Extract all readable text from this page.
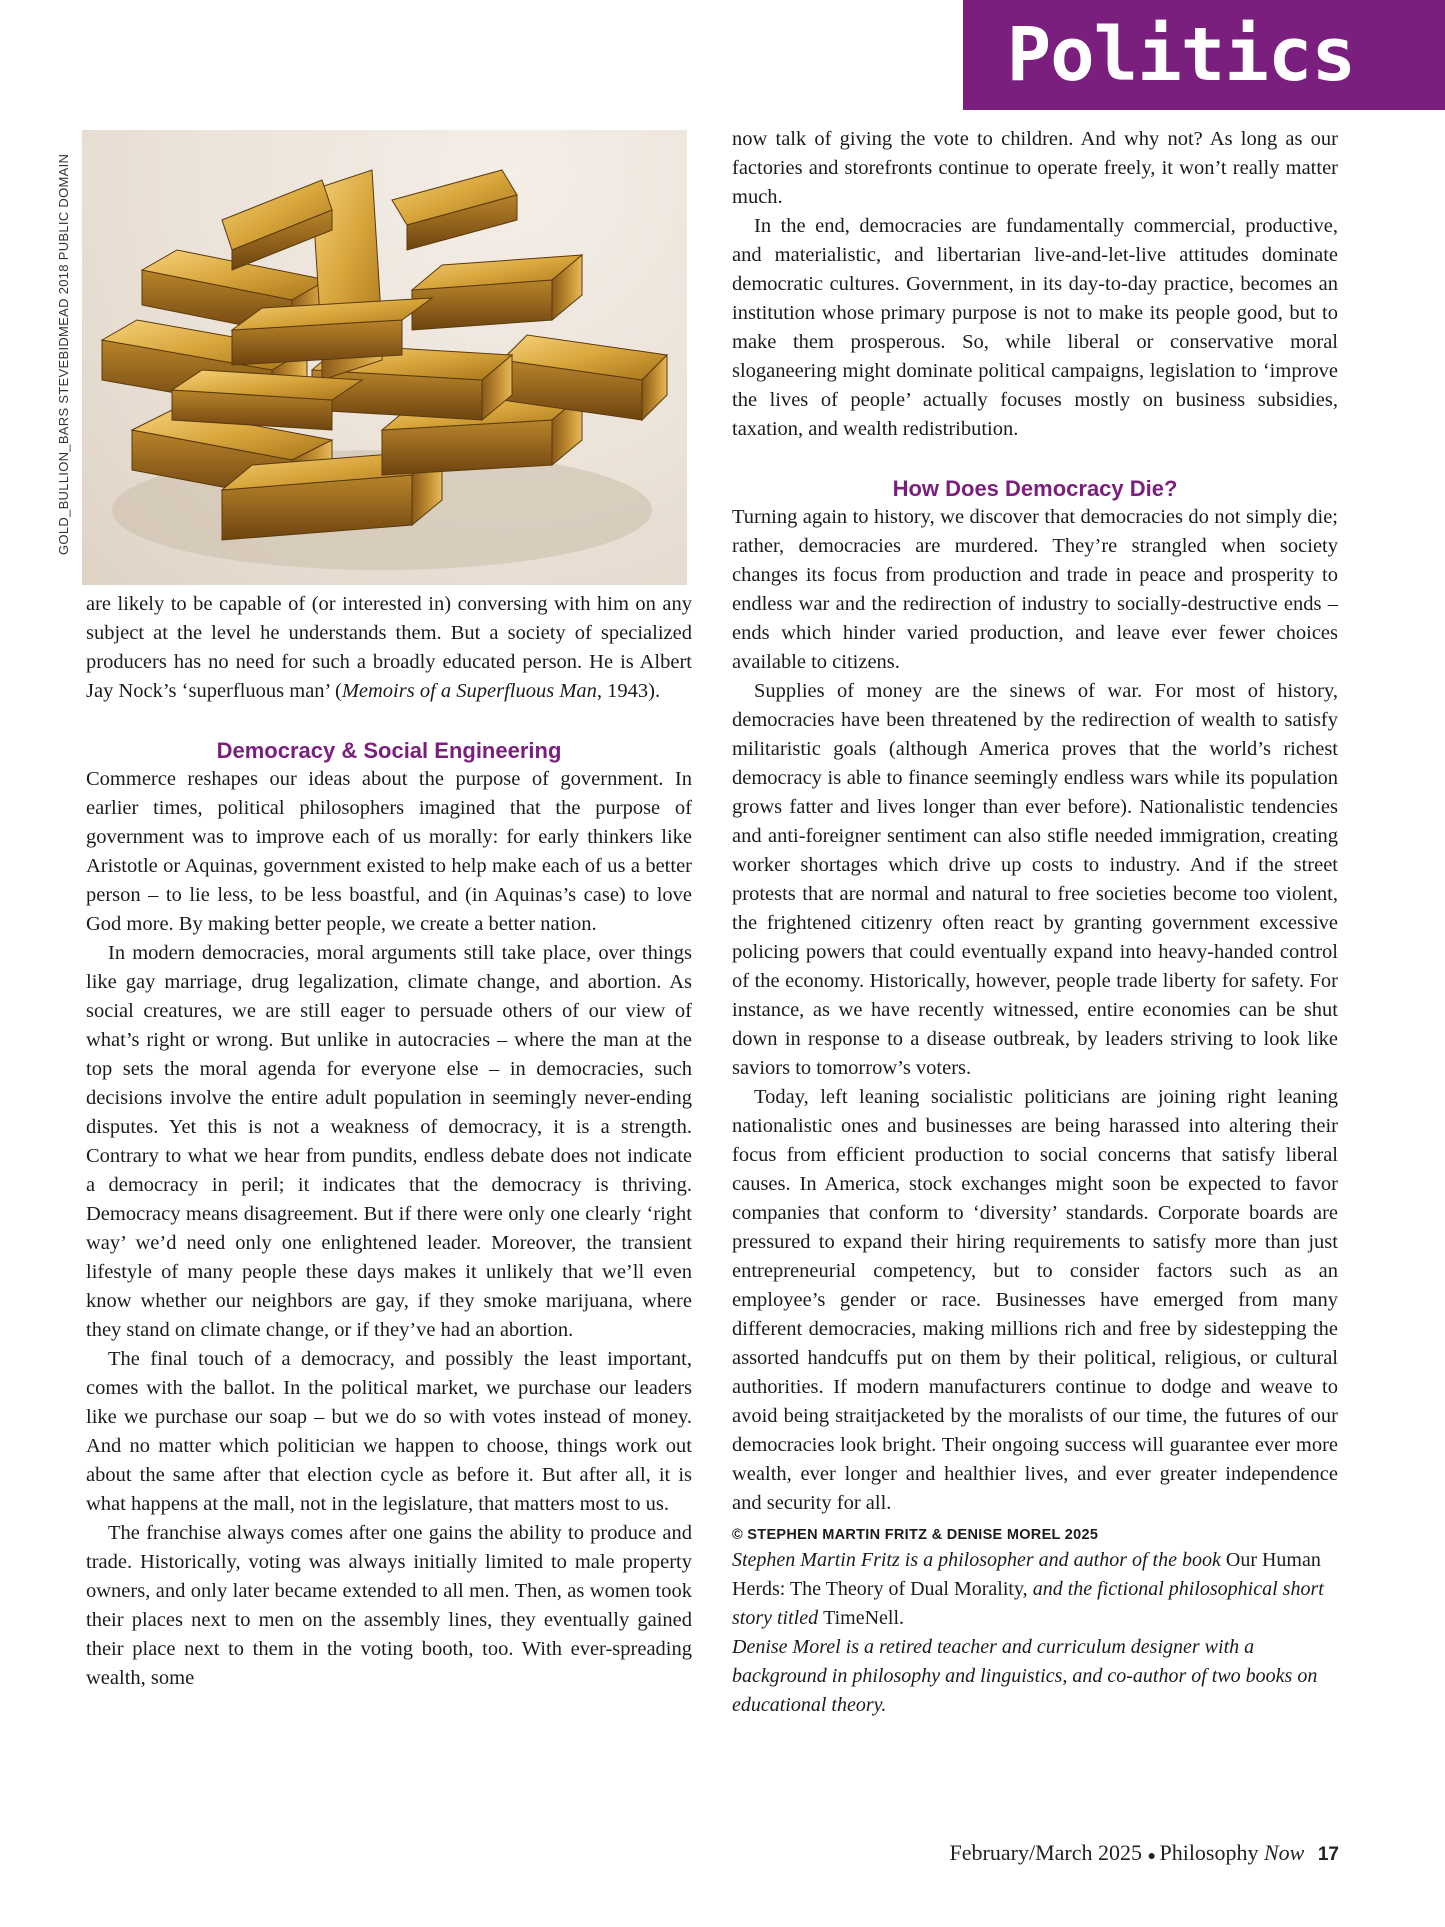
Politics
GOLD_BULLION_BARS STEVEBIDMEAD 2018 PUBLIC DOMAIN

are likely to be capable of (or interested in) conversing with him on any subject at the level he understands them. But a society of specialized producers has no need for such a broadly educated person. He is Albert Jay Nock’s ‘superfluous man’ (Memoirs of a Superfluous Man, 1943).

Democracy & Social Engineering

Commerce reshapes our ideas about the purpose of government. In earlier times, political philosophers imagined that the purpose of government was to improve each of us morally: for early thinkers like Aristotle or Aquinas, government existed to help make each of us a better person – to lie less, to be less boastful, and (in Aquinas’s case) to love God more. By making better people, we create a better nation.

In modern democracies, moral arguments still take place, over things like gay marriage, drug legalization, climate change, and abortion. As social creatures, we are still eager to persuade others of our view of what’s right or wrong. But unlike in autocracies – where the man at the top sets the moral agenda for everyone else – in democracies, such decisions involve the entire adult population in seemingly never-ending disputes. Yet this is not a weakness of democracy, it is a strength. Contrary to what we hear from pundits, endless debate does not indicate a democracy in peril; it indicates that the democracy is thriving. Democracy means disagreement. But if there were only one clearly ‘right way’ we’d need only one enlightened leader. Moreover, the transient lifestyle of many people these days makes it unlikely that we’ll even know whether our neighbors are gay, if they smoke marijuana, where they stand on climate change, or if they’ve had an abortion.

The final touch of a democracy, and possibly the least important, comes with the ballot. In the political market, we purchase our leaders like we purchase our soap – but we do so with votes instead of money. And no matter which politician we happen to choose, things work out about the same after that election cycle as before it. But after all, it is what happens at the mall, not in the legislature, that matters most to us.

The franchise always comes after one gains the ability to produce and trade. Historically, voting was always initially limited to male property owners, and only later became extended to all men. Then, as women took their places next to men on the assembly lines, they eventually gained their place next to them in the voting booth, too. With ever-spreading wealth, some

now talk of giving the vote to children. And why not? As long as our factories and storefronts continue to operate freely, it won’t really matter much.

In the end, democracies are fundamentally commercial, productive, and materialistic, and libertarian live-and-let-live attitudes dominate democratic cultures. Government, in its day-to-day practice, becomes an institution whose primary purpose is not to make its people good, but to make them prosperous. So, while liberal or conservative moral sloganeering might dominate political campaigns, legislation to ‘improve the lives of people’ actually focuses mostly on business subsidies, taxation, and wealth redistribution.

How Does Democracy Die?

Turning again to history, we discover that democracies do not simply die; rather, democracies are murdered. They’re strangled when society changes its focus from production and trade in peace and prosperity to endless war and the redirection of industry to socially-destructive ends – ends which hinder varied production, and leave ever fewer choices available to citizens.

Supplies of money are the sinews of war. For most of history, democracies have been threatened by the redirection of wealth to satisfy militaristic goals (although America proves that the world’s richest democracy is able to finance seemingly endless wars while its population grows fatter and lives longer than ever before). Nationalistic tendencies and anti-foreigner sentiment can also stifle needed immigration, creating worker shortages which drive up costs to industry. And if the street protests that are normal and natural to free societies become too violent, the frightened citizenry often react by granting government excessive policing powers that could eventually expand into heavy-handed control of the economy. Historically, however, people trade liberty for safety. For instance, as we have recently witnessed, entire economies can be shut down in response to a disease outbreak, by leaders striving to look like saviors to tomorrow’s voters.

Today, left leaning socialistic politicians are joining right leaning nationalistic ones and businesses are being harassed into altering their focus from efficient production to social concerns that satisfy liberal causes. In America, stock exchanges might soon be expected to favor companies that conform to ‘diversity’ standards. Corporate boards are pressured to expand their hiring requirements to satisfy more than just entrepreneurial competency, but to consider factors such as an employee’s gender or race. Businesses have emerged from many different democracies, making millions rich and free by sidestepping the assorted handcuffs put on them by their political, religious, or cultural authorities. If modern manufacturers continue to dodge and weave to avoid being straitjacketed by the moralists of our time, the futures of our democracies look bright. Their ongoing success will guarantee ever more wealth, ever longer and healthier lives, and ever greater independence and security for all.

© STEPHEN MARTIN FRITZ & DENISE MOREL 2025

Stephen Martin Fritz is a philosopher and author of the book Our Human Herds: The Theory of Dual Morality, and the fictional philosophical short story titled TimeNell.

Denise Morel is a retired teacher and curriculum designer with a background in philosophy and linguistics, and co-author of two books on educational theory.

February/March 2025 ● Philosophy Now 17
